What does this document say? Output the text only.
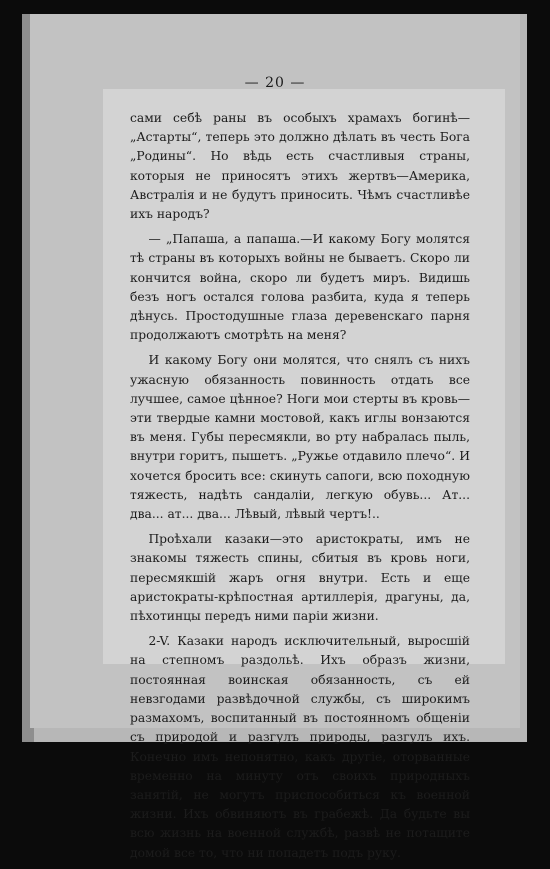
— 20 —

сами себѣ раны въ особыхъ храмахъ богинѣ—„Астарты“, теперь это должно дѣлать въ честь Бога „Родины“. Но вѣдь есть счастливыя страны, которыя не приносятъ этихъ жертвъ—Америка, Австралія и не будутъ приносить. Чѣмъ счастливѣе ихъ народъ?

— „Папаша, а папаша.—И какому Богу молятся тѣ страны въ которыхъ войны не бываетъ. Скоро ли кончится война, скоро ли будетъ миръ. Видишь безъ ногъ остался голова разбита, куда я теперь дѣнусь. Простодушные глаза деревенскаго парня продолжаютъ смотрѣть на меня?

И какому Богу они молятся, что снялъ съ нихъ ужасную обязанность повинность отдать все лучшее, самое цѣнное? Ноги мои стерты въ кровь—эти твердые камни мостовой, какъ иглы вонзаются въ меня. Губы пересмякли, во рту набралась пыль, внутри горитъ, пышетъ. „Ружье отдавило плечо“. И хочется бросить все: скинуть сапоги, всю походную тяжесть, надѣть сандаліи, легкую обувь... Ат... два... ат... два... Лѣвый, лѣвый чертъ!..

Проѣхали казаки—это аристократы, имъ не знакомы тяжесть спины, сбитыя въ кровь ноги, пересмякшій жаръ огня внутри. Есть и еще аристократы-крѣпостная артиллерія, драгуны, да, пѣхотинцы передъ ними паріи жизни.

2-V. Казаки народъ исключительный, выросшій на степномъ раздольѣ. Ихъ образъ жизни, постоянная воинская обязанность, съ ей невзгодами развѣдочной службы, съ широкимъ размахомъ, воспитанный въ постоянномъ общеніи съ природой и разгулъ природы, разгулъ ихъ. Конечно имъ непонятно, какъ другіе, оторванные временно на минуту отъ своихъ природныхъ занятій, не могутъ приспособиться къ военной жизни. Ихъ обвиняютъ въ грабежѣ. Да будьте вы всю жизнь на военной службѣ, развѣ не потащите домой все то, что ни попадетъ подъ руку.
